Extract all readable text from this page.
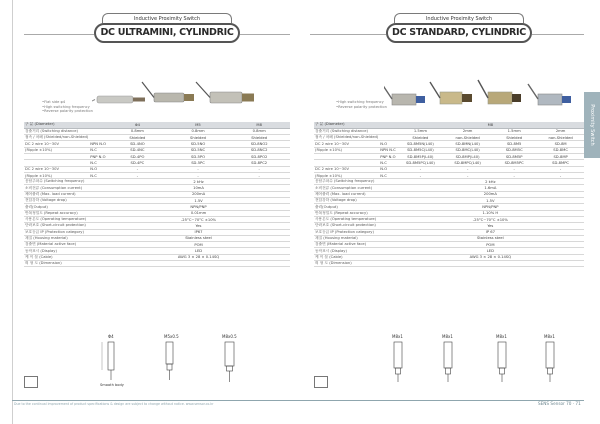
Inductive Proximity Switch
DC ULTRAMINI, CYLINDRIC
•Flat side φ4
•High switching frequency
•Reverse polarity protection
구 분 (Diameter)		Φ4	M5	M8
검출거리 (Switching distance)		0.8mm	0.8mm	0.8mm
접속 / 차폐 (Shielded/non-Shielded)		Shielded	Shielded	Shielded
DC 2 wire 10~30V	NPN N.O	SD-4NO	SD-5NO	SD-8NO2
(Ripple ±10%)	N.C	SD-4NC	SD-5NC	SD-8NC2
	PNP N.O	SD-4PO	SD-5PO	SD-8PO2
	N.C	SD-4PC	SD-5PC	SD-8PC2
DC 2 wire 10~30V	N.O	-	-	-
(Ripple ±10%)	N.C	-	-	-
응답주파수 (Switching frequency)		2 kHz		
소비전류 (Consumption current)		10mA		
제어출력 (Max. load current)		200mA		
전압강하 (Voltage drop)		1.5V		
출력(Output)		NPN/PNP		
반복정밀도 (Repeat accuracy)		0.01mm		
사용온도 (Operating temperature)		-25°C~70°C ±10%		
단락보호 (Short-circuit protection)		Yes		
보호등급 IP (Protection category)		IP67		
재질 (Housing material)		Stainless steel		
검출면 (Material active face)		POM		
동작표시 (Display)		LED		
케 이 블 (Cable)		AWG 3 × 28 × 0.14SQ		
외 형 도 (Dimension)				
Φ4
Smooth body
M5x0.5	M8x0.5
Due to the continual improvement of product specifications & design are subject to change without notice. www.sensor.co.kr
Inductive Proximity Switch
DC STANDARD, CYLINDRIC
•High switching frequency
•Reverse polarity protection
구 분 (Diameter)		M8			
검출거리 (Switching distance)		1.5mm	2mm	1.5mm	2mm
접속 / 차폐 (Shielded/non-Shielded)		Shielded	non-Shielded	Shielded	non-Shielded
DC 2 wire 10~30V	N.O	SD-8M5N(L40)	SD-8MN(L40)	SD-8M5	SD-8M
(Ripple ±10%)	NPN N.C	SD-8M5C(L40)	SD-8MC(L40)	SD-8M5C	SD-8MC
	PNP N.O	SD-8M5P(L40)	SD-8MP(L40)	SD-8M5P	SD-8MP
	N.C	SD-8M5PC(L40)	SD-8MPC(L40)	SD-8M5PC	SD-8MPC
DC 2 wire 10~30V	N.O	-	-	-	-
(Ripple ±10%)	N.C	-	-	-	-
응답주파수 (Switching frequency)		2 kHz			
소비전류 (Consumption current)		1.6mA			
제어출력 (Max. load current)		200mA			
전압강하 (Voltage drop)		1.5V			
출력(Output)		NPN/PNP			
반복정밀도 (Repeat accuracy)		1.10% H			
사용온도 (Operating temperature)		-25°C~70°C ±10%			
단락보호 (Short-circuit protection)		Yes			
보호등급 IP (Protection category)		IP 67			
재질 (Housing material)		Stainless steel			
검출면 (Material active face)		POM			
동작표시 (Display)		LED			
케 이 블 (Cable)		AWG 3 × 28 × 0.14SQ			
외 형 도 (Dimension)					
M8x1	M8x1	M8x1	M8x1
SENS Sensor 70 · 71
Proximity Switch
